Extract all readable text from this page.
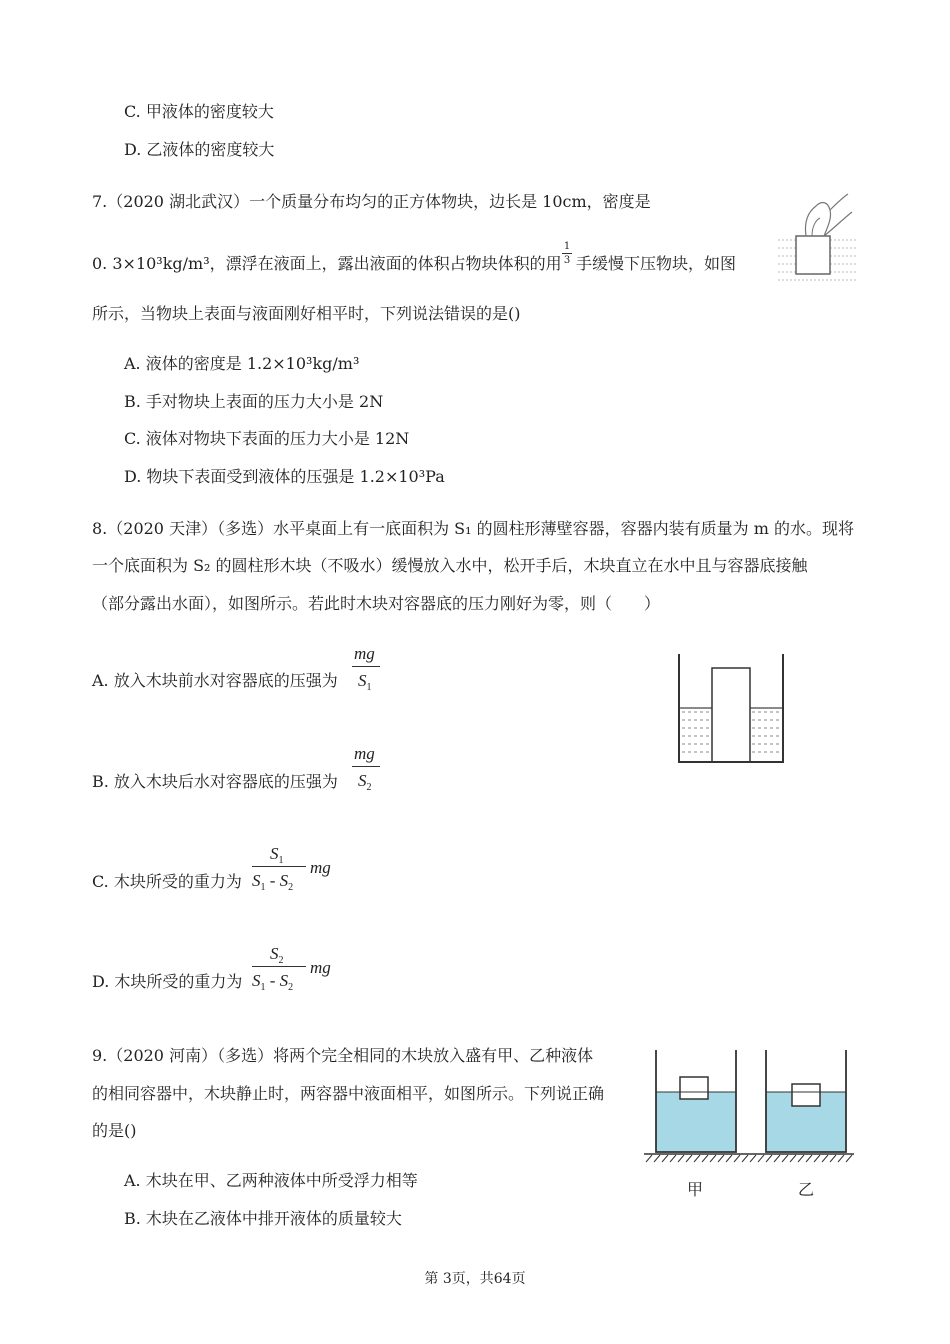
C. 甲液体的密度较大
D. 乙液体的密度较大
7.（2020 湖北武汉）一个质量分布均匀的正方体物块，边长是 10cm，密度是
0. 3×10³kg/m³，漂浮在液面上，露出液面的体积占物块体积的用
1
3 手缓慢下压物块，如图
所示，当物块上表面与液面刚好相平时，下列说法错误的是()
A. 液体的密度是 1.2×10³kg/m³
B. 手对物块上表面的压力大小是 2N
C. 液体对物块下表面的压力大小是 12N
D. 物块下表面受到液体的压强是 1.2×10³Pa
8.（2020 天津）（多选）水平桌面上有一底面积为 S₁ 的圆柱形薄壁容器，容器内装有质量为 m 的水。现将
一个底面积为 S₂ 的圆柱形木块（不吸水）缓慢放入水中，松开手后，木块直立在水中且与容器底接触
（部分露出水面），如图所示。若此时木块对容器底的压力刚好为零，则（　　）
A. 放入木块前水对容器底的压强为
mg
$S_1$
B. 放入木块后水对容器底的压强为
mg
$S_2$
C. 木块所受的重力为
$S_1$
$S_1 - S_2$
mg
D. 木块所受的重力为
$S_2$
$S_1 - S_2$
mg
9.（2020 河南）（多选）将两个完全相同的木块放入盛有甲、乙种液体
的相同容器中，木块静止时，两容器中液面相平，如图所示。下列说正确
的是()
A. 木块在甲、乙两种液体中所受浮力相等
B. 木块在乙液体中排开液体的质量较大
甲	乙
第 3页，共64页
